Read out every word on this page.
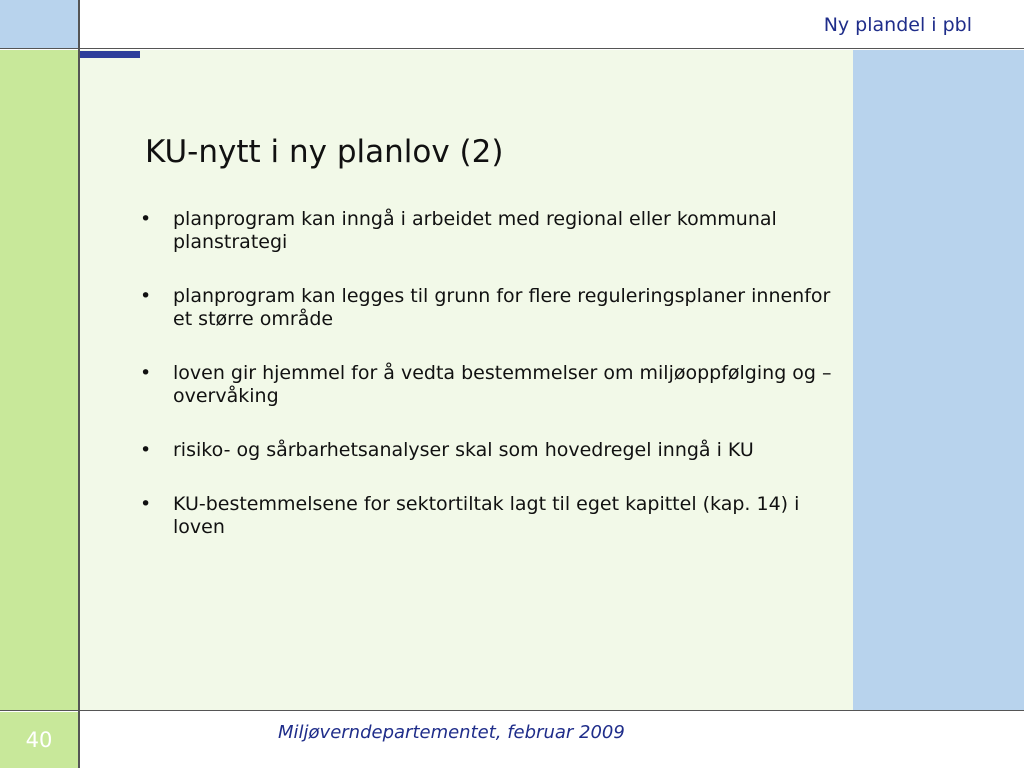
Ny plandel i pbl
KU-nytt i ny planlov (2)
• planprogram kan inngå i arbeidet med regional eller kommunal planstrategi
• planprogram kan legges til grunn for flere reguleringsplaner innenfor et større område
• loven gir hjemmel for å vedta bestemmelser om miljøoppfølging og – overvåking
• risiko- og sårbarhetsanalyser skal som hovedregel inngå i KU
• KU-bestemmelsene for sektortiltak lagt til eget kapittel (kap. 14) i loven
40	Miljøverndepartementet, februar 2009
